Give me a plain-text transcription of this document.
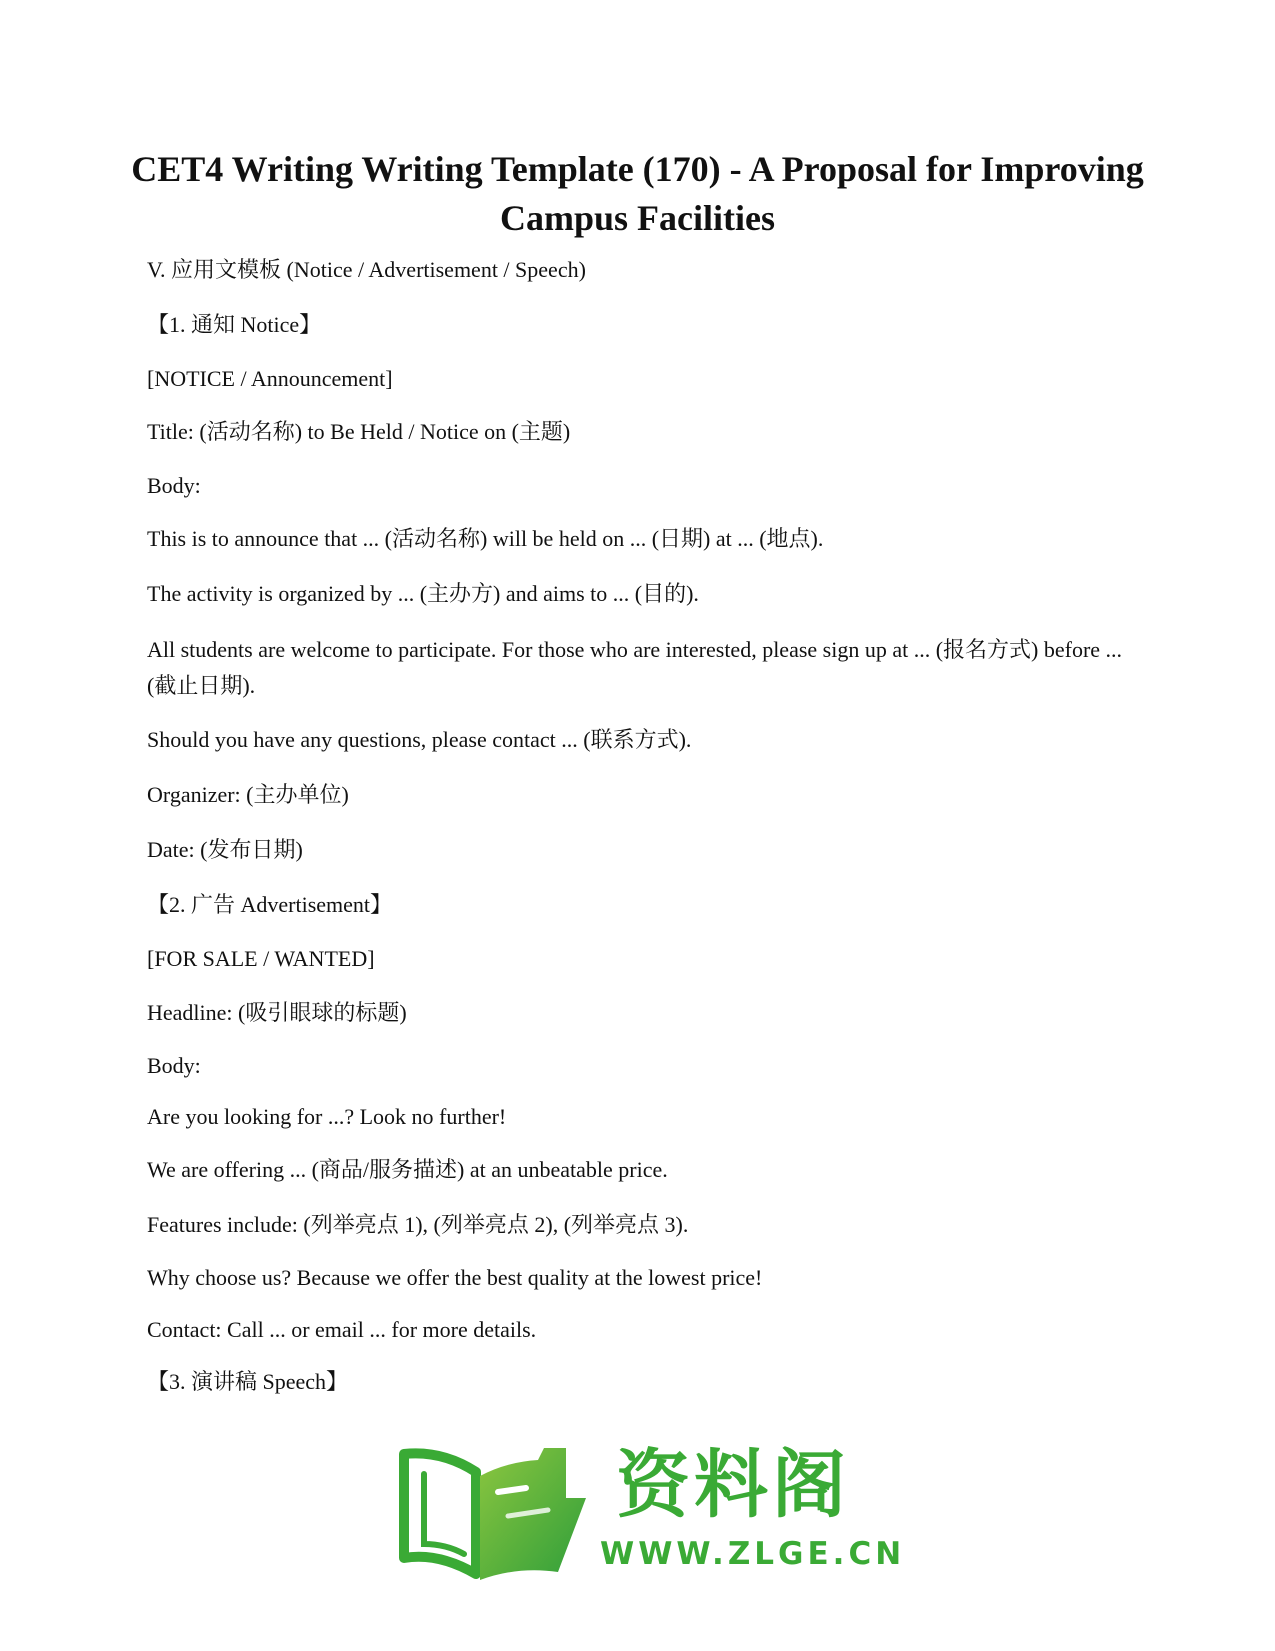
CET4 Writing Writing Template (170) - A Proposal for Improving Campus Facilities

V. 应用文模板 (Notice / Advertisement / Speech)

【1. 通知 Notice】

[NOTICE / Announcement]

Title: (活动名称) to Be Held / Notice on (主题)

Body:

This is to announce that ... (活动名称) will be held on ... (日期) at ... (地点).

The activity is organized by ... (主办方) and aims to ... (目的).

All students are welcome to participate. For those who are interested, please sign up at ... (报名方式) before ... (截止日期).

Should you have any questions, please contact ... (联系方式).

Organizer: (主办单位)

Date: (发布日期)

【2. 广告 Advertisement】

[FOR SALE / WANTED]

Headline: (吸引眼球的标题)

Body:

Are you looking for ...? Look no further!

We are offering ... (商品/服务描述) at an unbeatable price.

Features include: (列举亮点 1), (列举亮点 2), (列举亮点 3).

Why choose us? Because we offer the best quality at the lowest price!

Contact: Call ... or email ... for more details.

【3. 演讲稿 Speech】

资料阁
WWW.ZLGE.CN
